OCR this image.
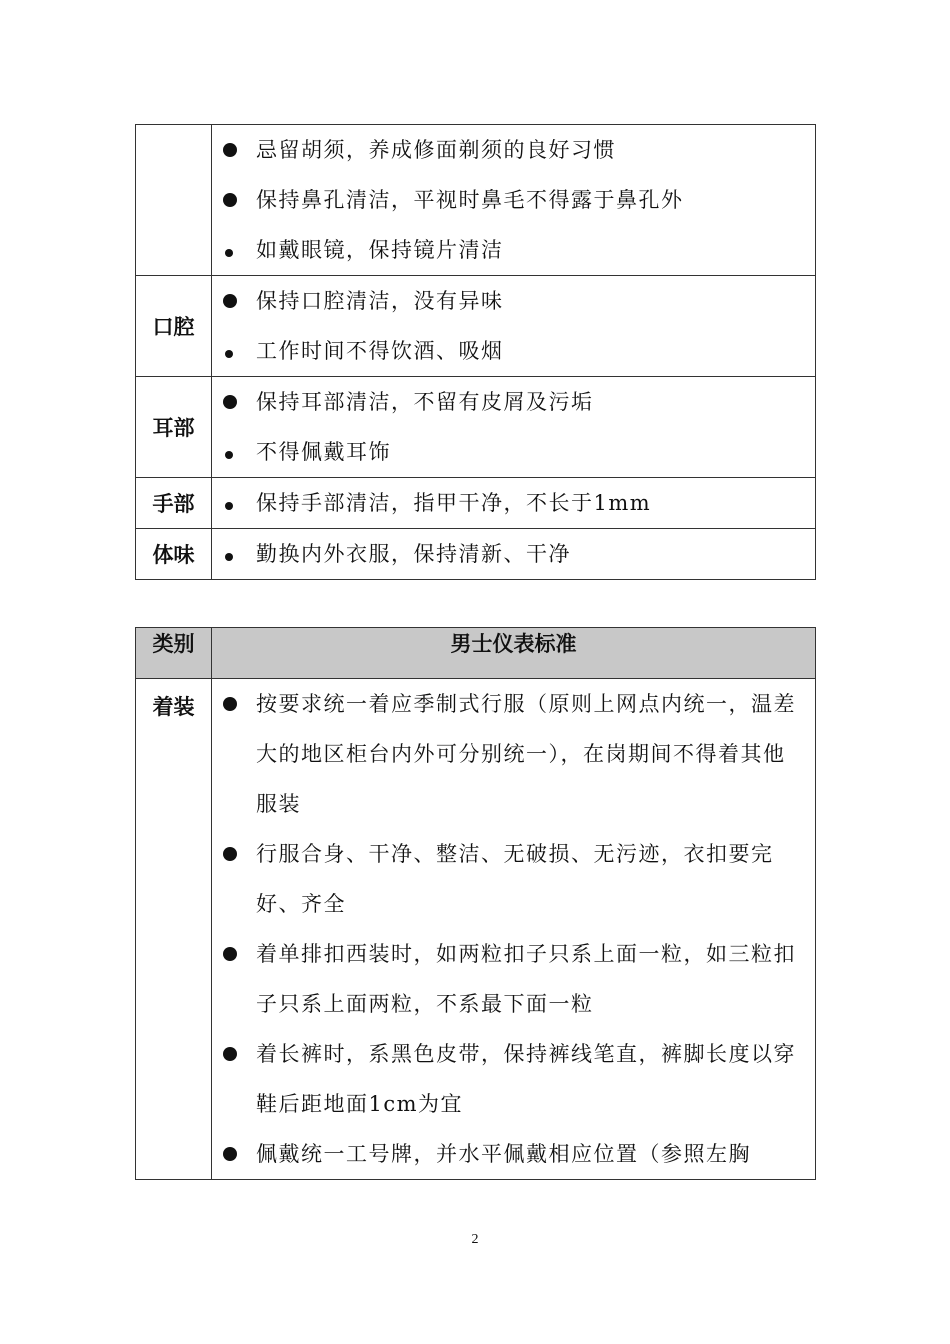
忌留胡须，养成修面剃须的良好习惯
保持鼻孔清洁，平视时鼻毛不得露于鼻孔外
如戴眼镜，保持镜片清洁

口腔	保持口腔清洁，没有异味
工作时间不得饮酒、吸烟

耳部	保持耳部清洁，不留有皮屑及污垢
不得佩戴耳饰

手部	保持手部清洁，指甲干净，不长于1mm

体味	勤换内外衣服，保持清新、干净
类别	男士仪表标准
着装	按要求统一着应季制式行服（原则上网点内统一，温差大的地区柜台内外可分别统一），在岗期间不得着其他服装
行服合身、干净、整洁、无破损、无污迹，衣扣要完好、齐全
着单排扣西装时，如两粒扣子只系上面一粒，如三粒扣子只系上面两粒，不系最下面一粒
着长裤时，系黑色皮带，保持裤线笔直，裤脚长度以穿鞋后距地面1cm为宜
佩戴统一工号牌，并水平佩戴相应位置（参照左胸
2
